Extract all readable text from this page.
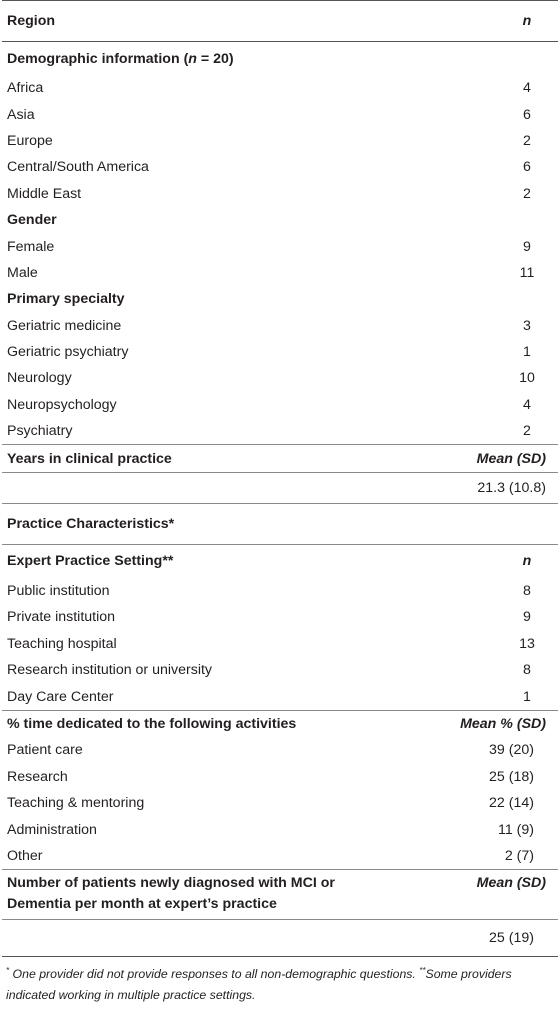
Region	n

Demographic information (n = 20)	
Africa	4

Asia	6

Europe	2

Central/South America	6

Middle East	2

Gender	
Female	9

Male	11

Primary specialty	
Geriatric medicine	3

Geriatric psychiatry	1

Neurology	10

Neuropsychology	4

Psychiatry	2

Years in clinical practice	Mean (SD)

	21.3 (10.8)

Practice Characteristics*	
Expert Practice Setting**	n

Public institution	8

Private institution	9

Teaching hospital	13

Research institution or university	8

Day Care Center	1

% time dedicated to the following activities	Mean % (SD)

Patient care	39 (20)

Research	25 (18)

Teaching & mentoring	22 (14)

Administration	11 (9)

Other	2 (7)

Number of patients newly diagnosed with MCI or
Dementia per month at expert’s practice	Mean (SD)

	25 (19)
* One provider did not provide responses to all non-demographic questions. **Some providers indicated working in multiple practice settings.
